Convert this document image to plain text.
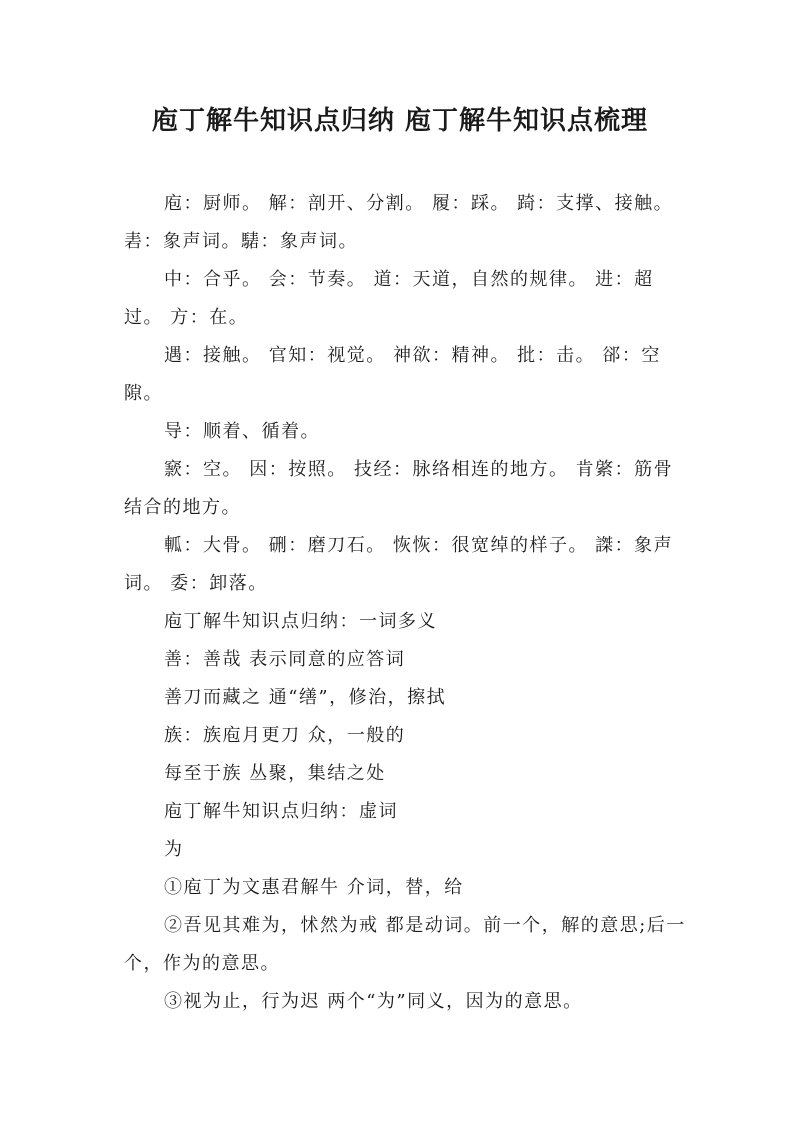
庖丁解牛知识点归纳 庖丁解牛知识点梳理

庖：厨师。 解：剖开、分割。 履：踩。 踦：支撑、接触。 砉：象声词。騞：象声词。

中：合乎。 会：节奏。 道：天道，自然的规律。 进：超过。 方：在。

遇：接触。 官知：视觉。 神欲：精神。 批：击。 郤：空隙。

导：顺着、循着。

窾：空。 因：按照。 技经：脉络相连的地方。 肯綮：筋骨结合的地方。

軱：大骨。 硎：磨刀石。 恢恢：很宽绰的样子。 謋：象声词。 委：卸落。

庖丁解牛知识点归纳：一词多义

善：善哉 表示同意的应答词

善刀而藏之 通“缮”，修治，擦拭

族：族庖月更刀 众，一般的

每至于族 丛聚，集结之处

庖丁解牛知识点归纳：虚词

为

①庖丁为文惠君解牛 介词，替，给

②吾见其难为，怵然为戒 都是动词。前一个，解的意思;后一个，作为的意思。

③视为止，行为迟 两个“为”同义，因为的意思。
